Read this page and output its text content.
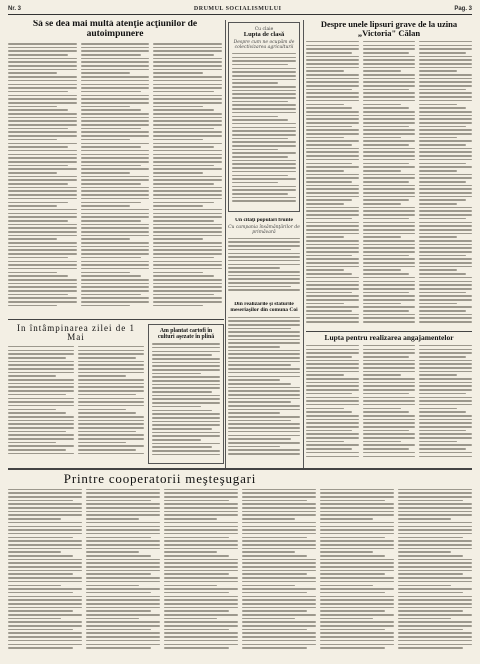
Nr. 3	DRUMUL SOCIALISMULUI	Pag. 3
Să se dea mai multă atenţie acţiunilor de autoimpunere	Cu claie
Lupta de clasă
Despre cum ne ocupăm de colectivizarea agriculturii
Un cităţi populari frunte
Cu campania însămânţărilor de primăvară
Din realizările şi sfaturile meseriaşilor din comuna Coi
Despre unele lipsuri grave de la uzina „Victoria" Călan
În întâmpinarea zilei de 1 Mai
Am plantat cartofi în culturi aşezate în plină	Lupta pentru realizarea angajamentelor
Printre cooperatorii meşteşugari
